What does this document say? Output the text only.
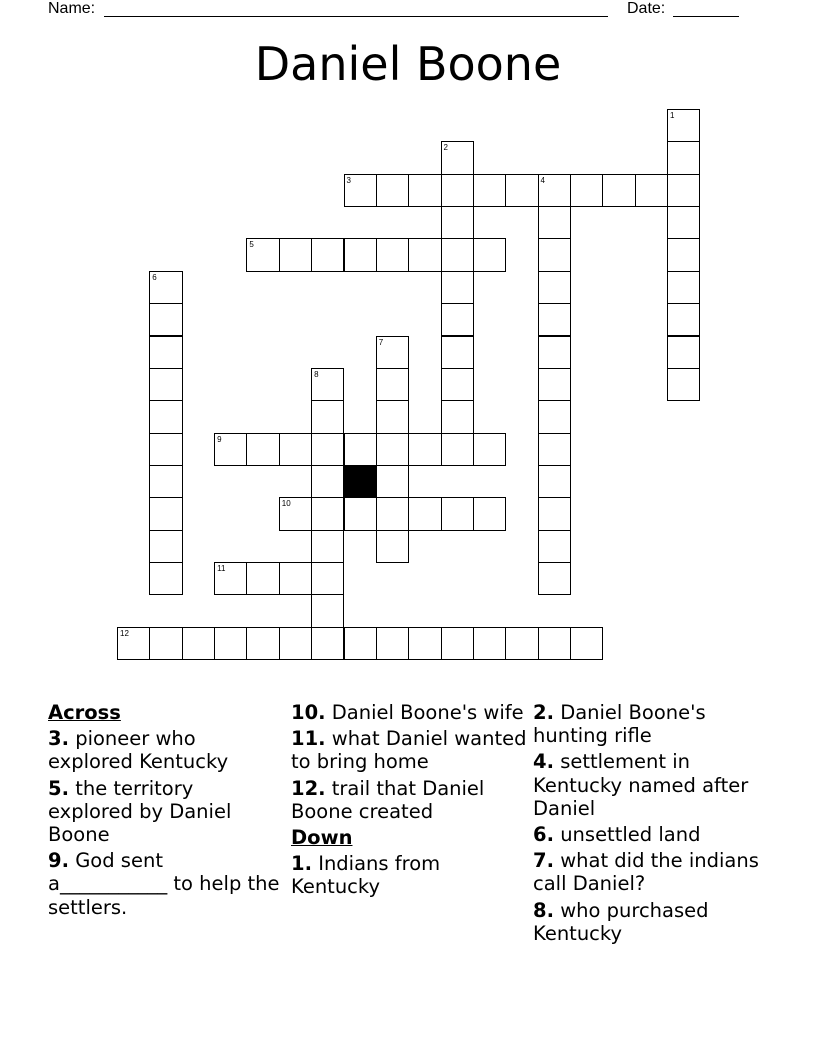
Name:	Date:
Daniel Boone
1
2
3	4
5
6
7
8
9
10
11
12
Across
3. pioneer who explored Kentucky
5. the territory explored by Daniel Boone
9. God sent a___________ to help the settlers.
10. Daniel Boone's wife
11. what Daniel wanted to bring home
12. trail that Daniel Boone created
Down
1. Indians from Kentucky
2. Daniel Boone's hunting rifle
4. settlement in Kentucky named after Daniel
6. unsettled land
7. what did the indians call Daniel?
8. who purchased Kentucky
